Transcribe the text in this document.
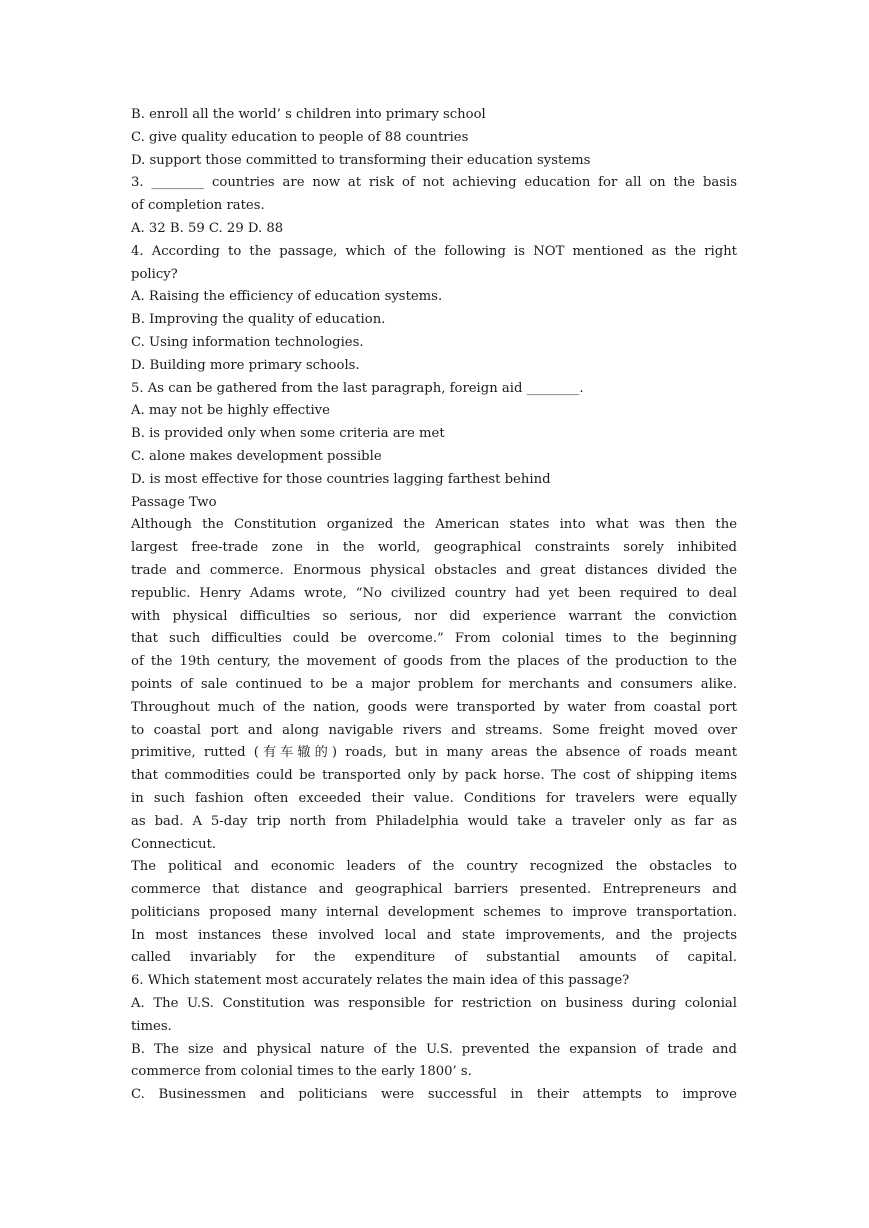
B. enroll all the world’ s children into primary school
C. give quality education to people of 88 countries
D. support those committed to transforming their education systems
3. ________ countries are now at risk of not achieving education for all on the basis
of completion rates.
A. 32 B. 59 C. 29 D. 88
4. According to the passage, which of the following is NOT mentioned as the right
policy?
A. Raising the efficiency of education systems.
B. Improving the quality of education.
C. Using information technologies.
D. Building more primary schools.
5. As can be gathered from the last paragraph, foreign aid ________.
A. may not be highly effective
B. is provided only when some criteria are met
C. alone makes development possible
D. is most effective for those countries lagging farthest behind
Passage Two
Although the Constitution organized the American states into what was then the
largest free-trade zone in the world, geographical constraints sorely inhibited
trade and commerce. Enormous physical obstacles and great distances divided the
republic. Henry Adams wrote, “No civilized country had yet been required to deal
with physical difficulties so serious, nor did experience warrant the conviction
that such difficulties could be overcome.” From colonial times to the beginning
of the 19th century, the movement of goods from the places of the production to the
points of sale continued to be a major problem for merchants and consumers alike.
Throughout much of the nation, goods were transported by water from coastal port
to coastal port and along navigable rivers and streams. Some freight moved over
primitive, rutted (有车辙的) roads, but in many areas the absence of roads meant
that commodities could be transported only by pack horse. The cost of shipping items
in such fashion often exceeded their value. Conditions for travelers were equally
as bad. A 5-day trip north from Philadelphia would take a traveler only as far as
Connecticut.
The political and economic leaders of the country recognized the obstacles to
commerce that distance and geographical barriers presented. Entrepreneurs and
politicians proposed many internal development schemes to improve transportation.
In most instances these involved local and state improvements, and the projects
called invariably for the expenditure of substantial amounts of capital.
6. Which statement most accurately relates the main idea of this passage?
A. The U.S. Constitution was responsible for restriction on business during colonial
times.
B. The size and physical nature of the U.S. prevented the expansion of trade and
commerce from colonial times to the early 1800’ s.
C. Businessmen and politicians were successful in their attempts to improve
